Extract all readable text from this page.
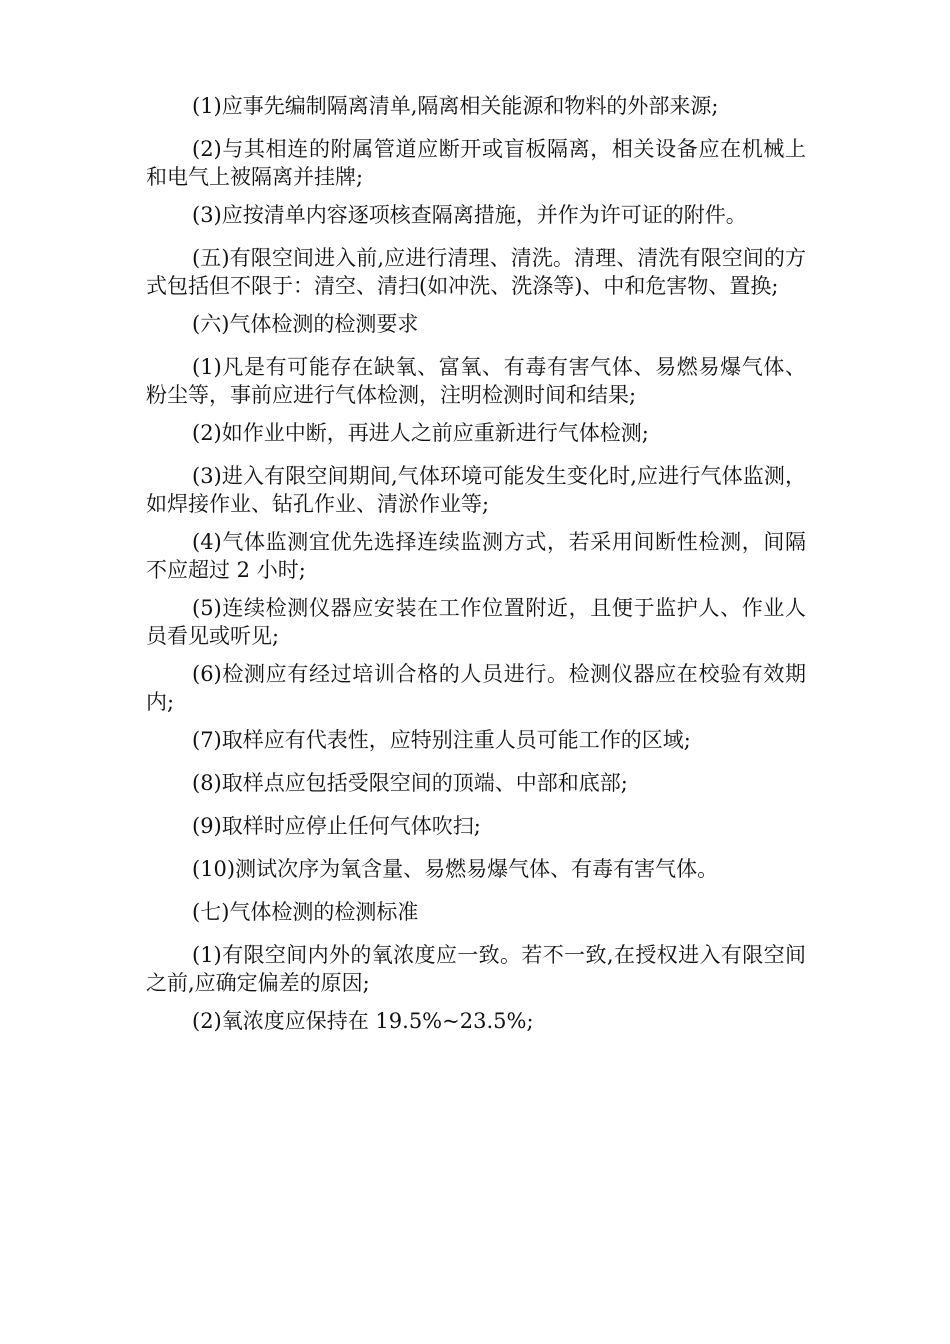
(1)应事先编制隔离清单,隔离相关能源和物料的外部来源;

(2)与其相连的附属管道应断开或盲板隔离，相关设备应在机械上和电气上被隔离并挂牌;

(3)应按清单内容逐项核查隔离措施，并作为许可证的附件。

(五)有限空间进入前,应进行清理、清洗。清理、清洗有限空间的方式包括但不限于：清空、清扫(如冲洗、洗涤等)、中和危害物、置换;

(六)气体检测的检测要求

(1)凡是有可能存在缺氧、富氧、有毒有害气体、易燃易爆气体、粉尘等，事前应进行气体检测，注明检测时间和结果;

(2)如作业中断，再进人之前应重新进行气体检测;

(3)进入有限空间期间,气体环境可能发生变化时,应进行气体监测，如焊接作业、钻孔作业、清淤作业等;

(4)气体监测宜优先选择连续监测方式，若采用间断性检测，间隔不应超过 2 小时;

(5)连续检测仪器应安装在工作位置附近，且便于监护人、作业人员看见或听见;

(6)检测应有经过培训合格的人员进行。检测仪器应在校验有效期内;

(7)取样应有代表性，应特别注重人员可能工作的区域;

(8)取样点应包括受限空间的顶端、中部和底部;

(9)取样时应停止任何气体吹扫;

(10)测试次序为氧含量、易燃易爆气体、有毒有害气体。

(七)气体检测的检测标准

(1)有限空间内外的氧浓度应一致。若不一致,在授权进入有限空间之前,应确定偏差的原因;

(2)氧浓度应保持在 19.5%~23.5%;
